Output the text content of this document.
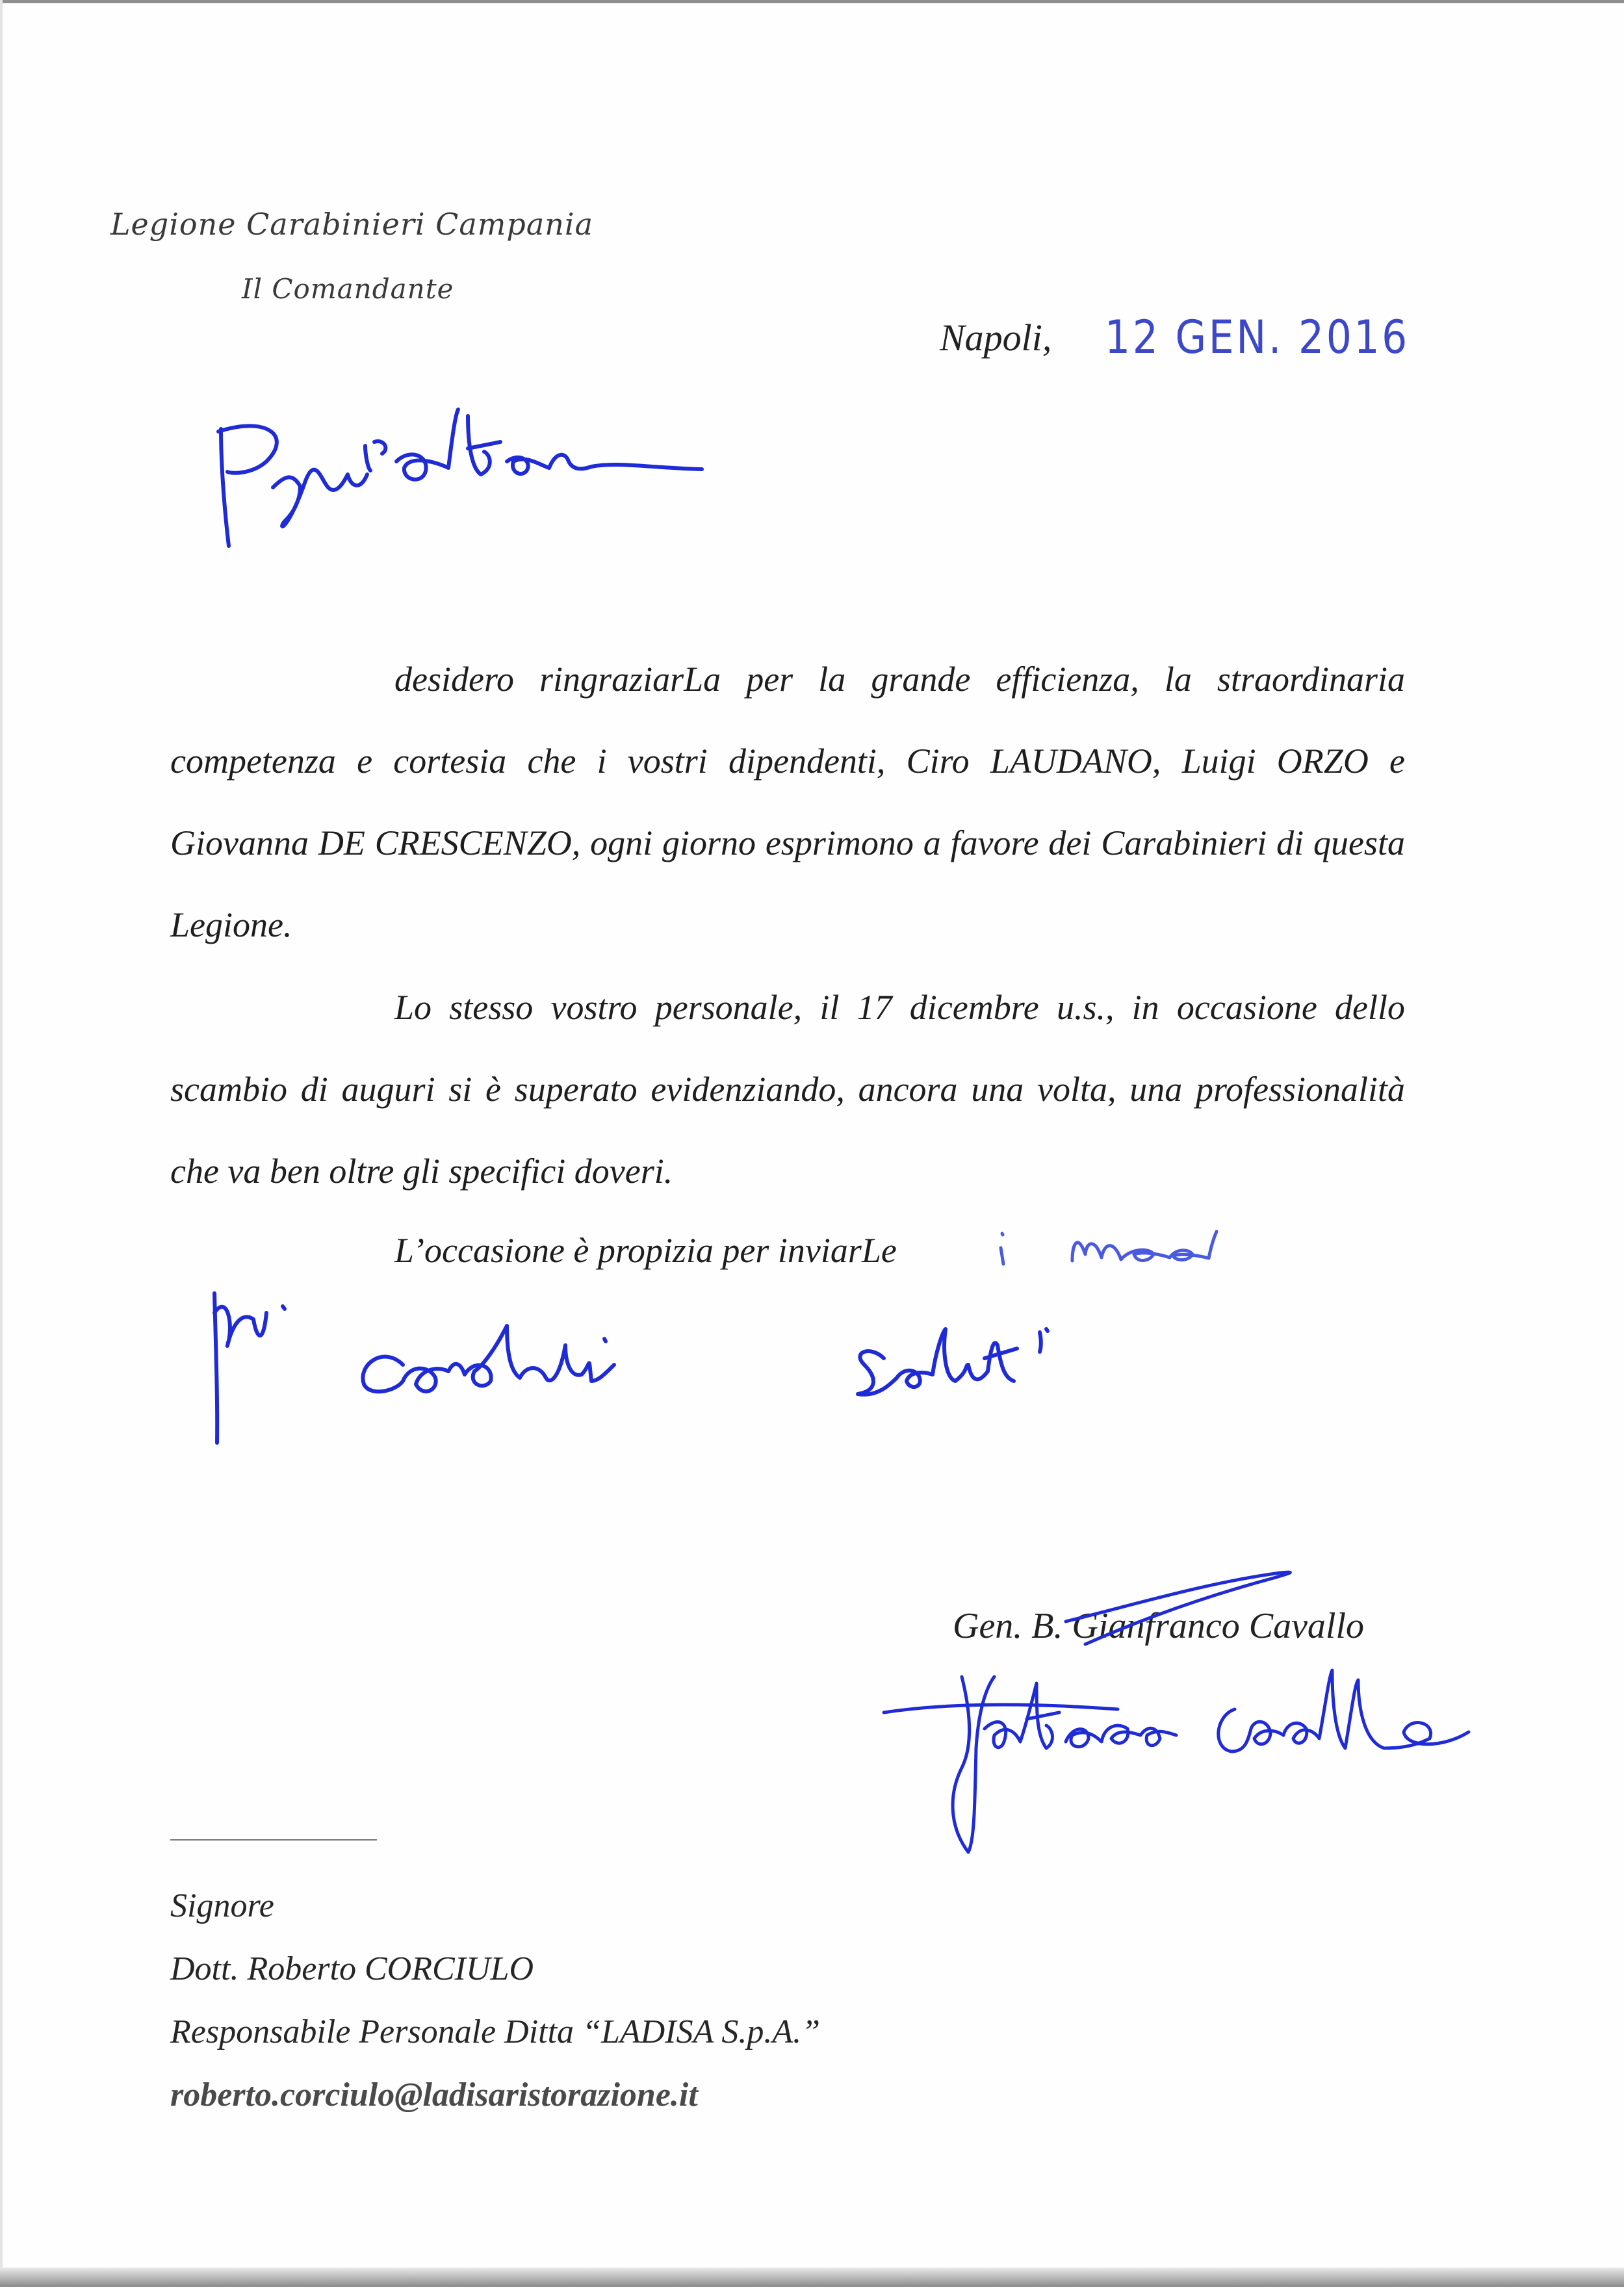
Legione Carabinieri Campania
Il Comandante
Napoli, 12 GEN. 2016

desidero ringraziarLa per la grande efficienza, la straordinaria competenza e cortesia che i vostri dipendenti, Ciro LAUDANO, Luigi ORZO e Giovanna DE CRESCENZO, ogni giorno esprimono a favore dei Carabinieri di questa Legione.

Lo stesso vostro personale, il 17 dicembre u.s., in occasione dello scambio di auguri si è superato evidenziando, ancora una volta, una professionalità che va ben oltre gli specifici doveri.

L’occasione è propizia per inviarLe
Gen. B. Gianfranco Cavallo
Signore
Dott. Roberto CORCIULO
Responsabile Personale Ditta “LADISA S.p.A.”
roberto.corciulo@ladisaristorazione.it
